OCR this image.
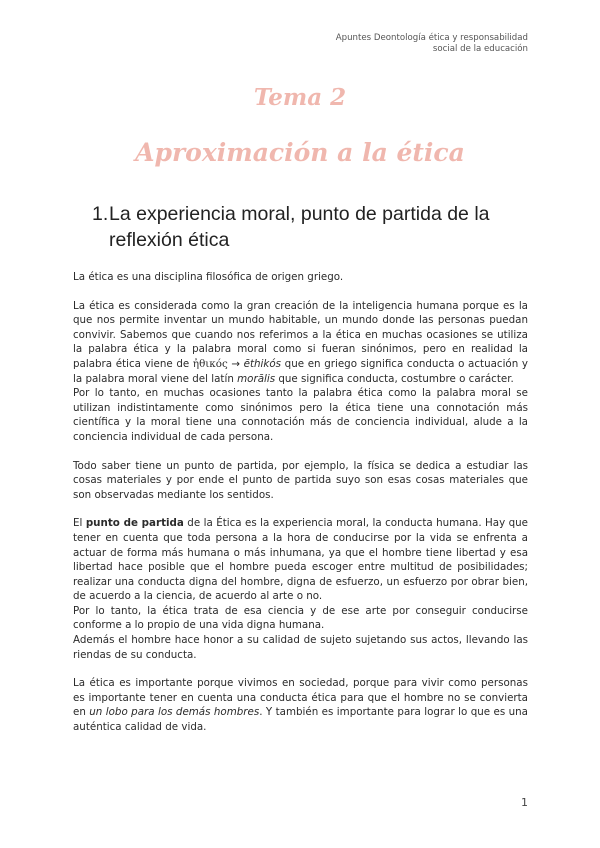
Apuntes Deontología ética y responsabilidad
social de la educación
Tema 2
Aproximación a la ética
1.La experiencia moral, punto de partida de la
reflexión ética

La ética es una disciplina filosófica de origen griego.

La ética es considerada como la gran creación de la inteligencia humana porque es la que nos permite inventar un mundo habitable, un mundo donde las personas puedan convivir. Sabemos que cuando nos referimos a la ética en muchas ocasiones se utiliza la palabra ética y la palabra moral como si fueran sinónimos, pero en realidad la palabra ética viene de ἠθικός → ēthikós que en griego significa conducta o actuación y la palabra moral viene del latín morālis que significa conducta, costumbre o carácter.

Por lo tanto, en muchas ocasiones tanto la palabra ética como la palabra moral se utilizan indistintamente como sinónimos pero la ética tiene una connotación más científica y la moral tiene una connotación más de conciencia individual, alude a la conciencia individual de cada persona.

Todo saber tiene un punto de partida, por ejemplo, la física se dedica a estudiar las cosas materiales y por ende el punto de partida suyo son esas cosas materiales que son observadas mediante los sentidos.

El punto de partida de la Ética es la experiencia moral, la conducta humana. Hay que tener en cuenta que toda persona a la hora de conducirse por la vida se enfrenta a actuar de forma más humana o más inhumana, ya que el hombre tiene libertad y esa libertad hace posible que el hombre pueda escoger entre multitud de posibilidades; realizar una conducta digna del hombre, digna de esfuerzo, un esfuerzo por obrar bien, de acuerdo a la ciencia, de acuerdo al arte o no.

Por lo tanto, la ética trata de esa ciencia y de ese arte por conseguir conducirse conforme a lo propio de una vida digna humana.

Además el hombre hace honor a su calidad de sujeto sujetando sus actos, llevando las riendas de su conducta.

La ética es importante porque vivimos en sociedad, porque para vivir como personas es importante tener en cuenta una conducta ética para que el hombre no se convierta en un lobo para los demás hombres. Y también es importante para lograr lo que es una auténtica calidad de vida.

1
